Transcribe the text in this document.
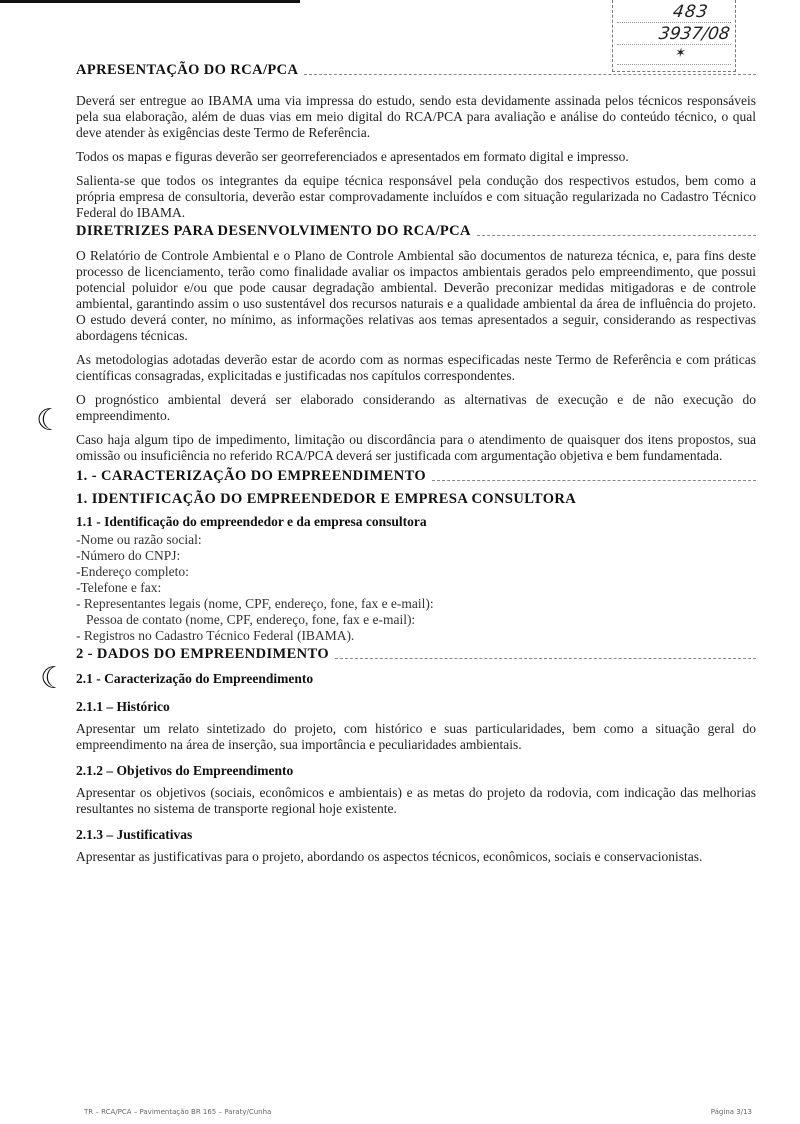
483
3937/08
✶
☾
☾
APRESENTAÇÃO DO RCA/PCA

Deverá ser entregue ao IBAMA uma via impressa do estudo, sendo esta devidamente assinada pelos técnicos responsáveis pela sua elaboração, além de duas vias em meio digital do RCA/PCA para avaliação e análise do conteúdo técnico, o qual deve atender às exigências deste Termo de Referência.

Todos os mapas e figuras deverão ser georreferenciados e apresentados em formato digital e impresso.

Salienta-se que todos os integrantes da equipe técnica responsável pela condução dos respectivos estudos, bem como a própria empresa de consultoria, deverão estar comprovadamente incluídos e com situação regularizada no Cadastro Técnico Federal do IBAMA.

DIRETRIZES PARA DESENVOLVIMENTO DO RCA/PCA

O Relatório de Controle Ambiental e o Plano de Controle Ambiental são documentos de natureza técnica, e, para fins deste processo de licenciamento, terão como finalidade avaliar os impactos ambientais gerados pelo empreendimento, que possui potencial poluidor e/ou que pode causar degradação ambiental. Deverão preconizar medidas mitigadoras e de controle ambiental, garantindo assim o uso sustentável dos recursos naturais e a qualidade ambiental da área de influência do projeto. O estudo deverá conter, no mínimo, as informações relativas aos temas apresentados a seguir, considerando as respectivas abordagens técnicas.

As metodologias adotadas deverão estar de acordo com as normas especificadas neste Termo de Referência e com práticas científicas consagradas, explicitadas e justificadas nos capítulos correspondentes.

O prognóstico ambiental deverá ser elaborado considerando as alternativas de execução e de não execução do empreendimento.

Caso haja algum tipo de impedimento, limitação ou discordância para o atendimento de quaisquer dos itens propostos, sua omissão ou insuficiência no referido RCA/PCA deverá ser justificada com argumentação objetiva e bem fundamentada.

1. - CARACTERIZAÇÃO DO EMPREENDIMENTO
1. IDENTIFICAÇÃO DO EMPREENDEDOR E EMPRESA CONSULTORA

1.1 - Identificação do empreendedor e da empresa consultora

-Nome ou razão social:

-Número do CNPJ:

-Endereço completo:

-Telefone e fax:

- Representantes legais (nome, CPF, endereço, fone, fax e e-mail):

Pessoa de contato (nome, CPF, endereço, fone, fax e e-mail):

- Registros no Cadastro Técnico Federal (IBAMA).

2 - DADOS DO EMPREENDIMENTO

2.1 - Caracterização do Empreendimento

2.1.1 – Histórico

Apresentar um relato sintetizado do projeto, com histórico e suas particularidades, bem como a situação geral do empreendimento na área de inserção, sua importância e peculiaridades ambientais.

2.1.2 – Objetivos do Empreendimento

Apresentar os objetivos (sociais, econômicos e ambientais) e as metas do projeto da rodovia, com indicação das melhorias resultantes no sistema de transporte regional hoje existente.

2.1.3 – Justificativas

Apresentar as justificativas para o projeto, abordando os aspectos técnicos, econômicos, sociais e conservacionistas.

TR – RCA/PCA – Pavimentação BR 165 – Paraty/Cunha	Página 3/13
